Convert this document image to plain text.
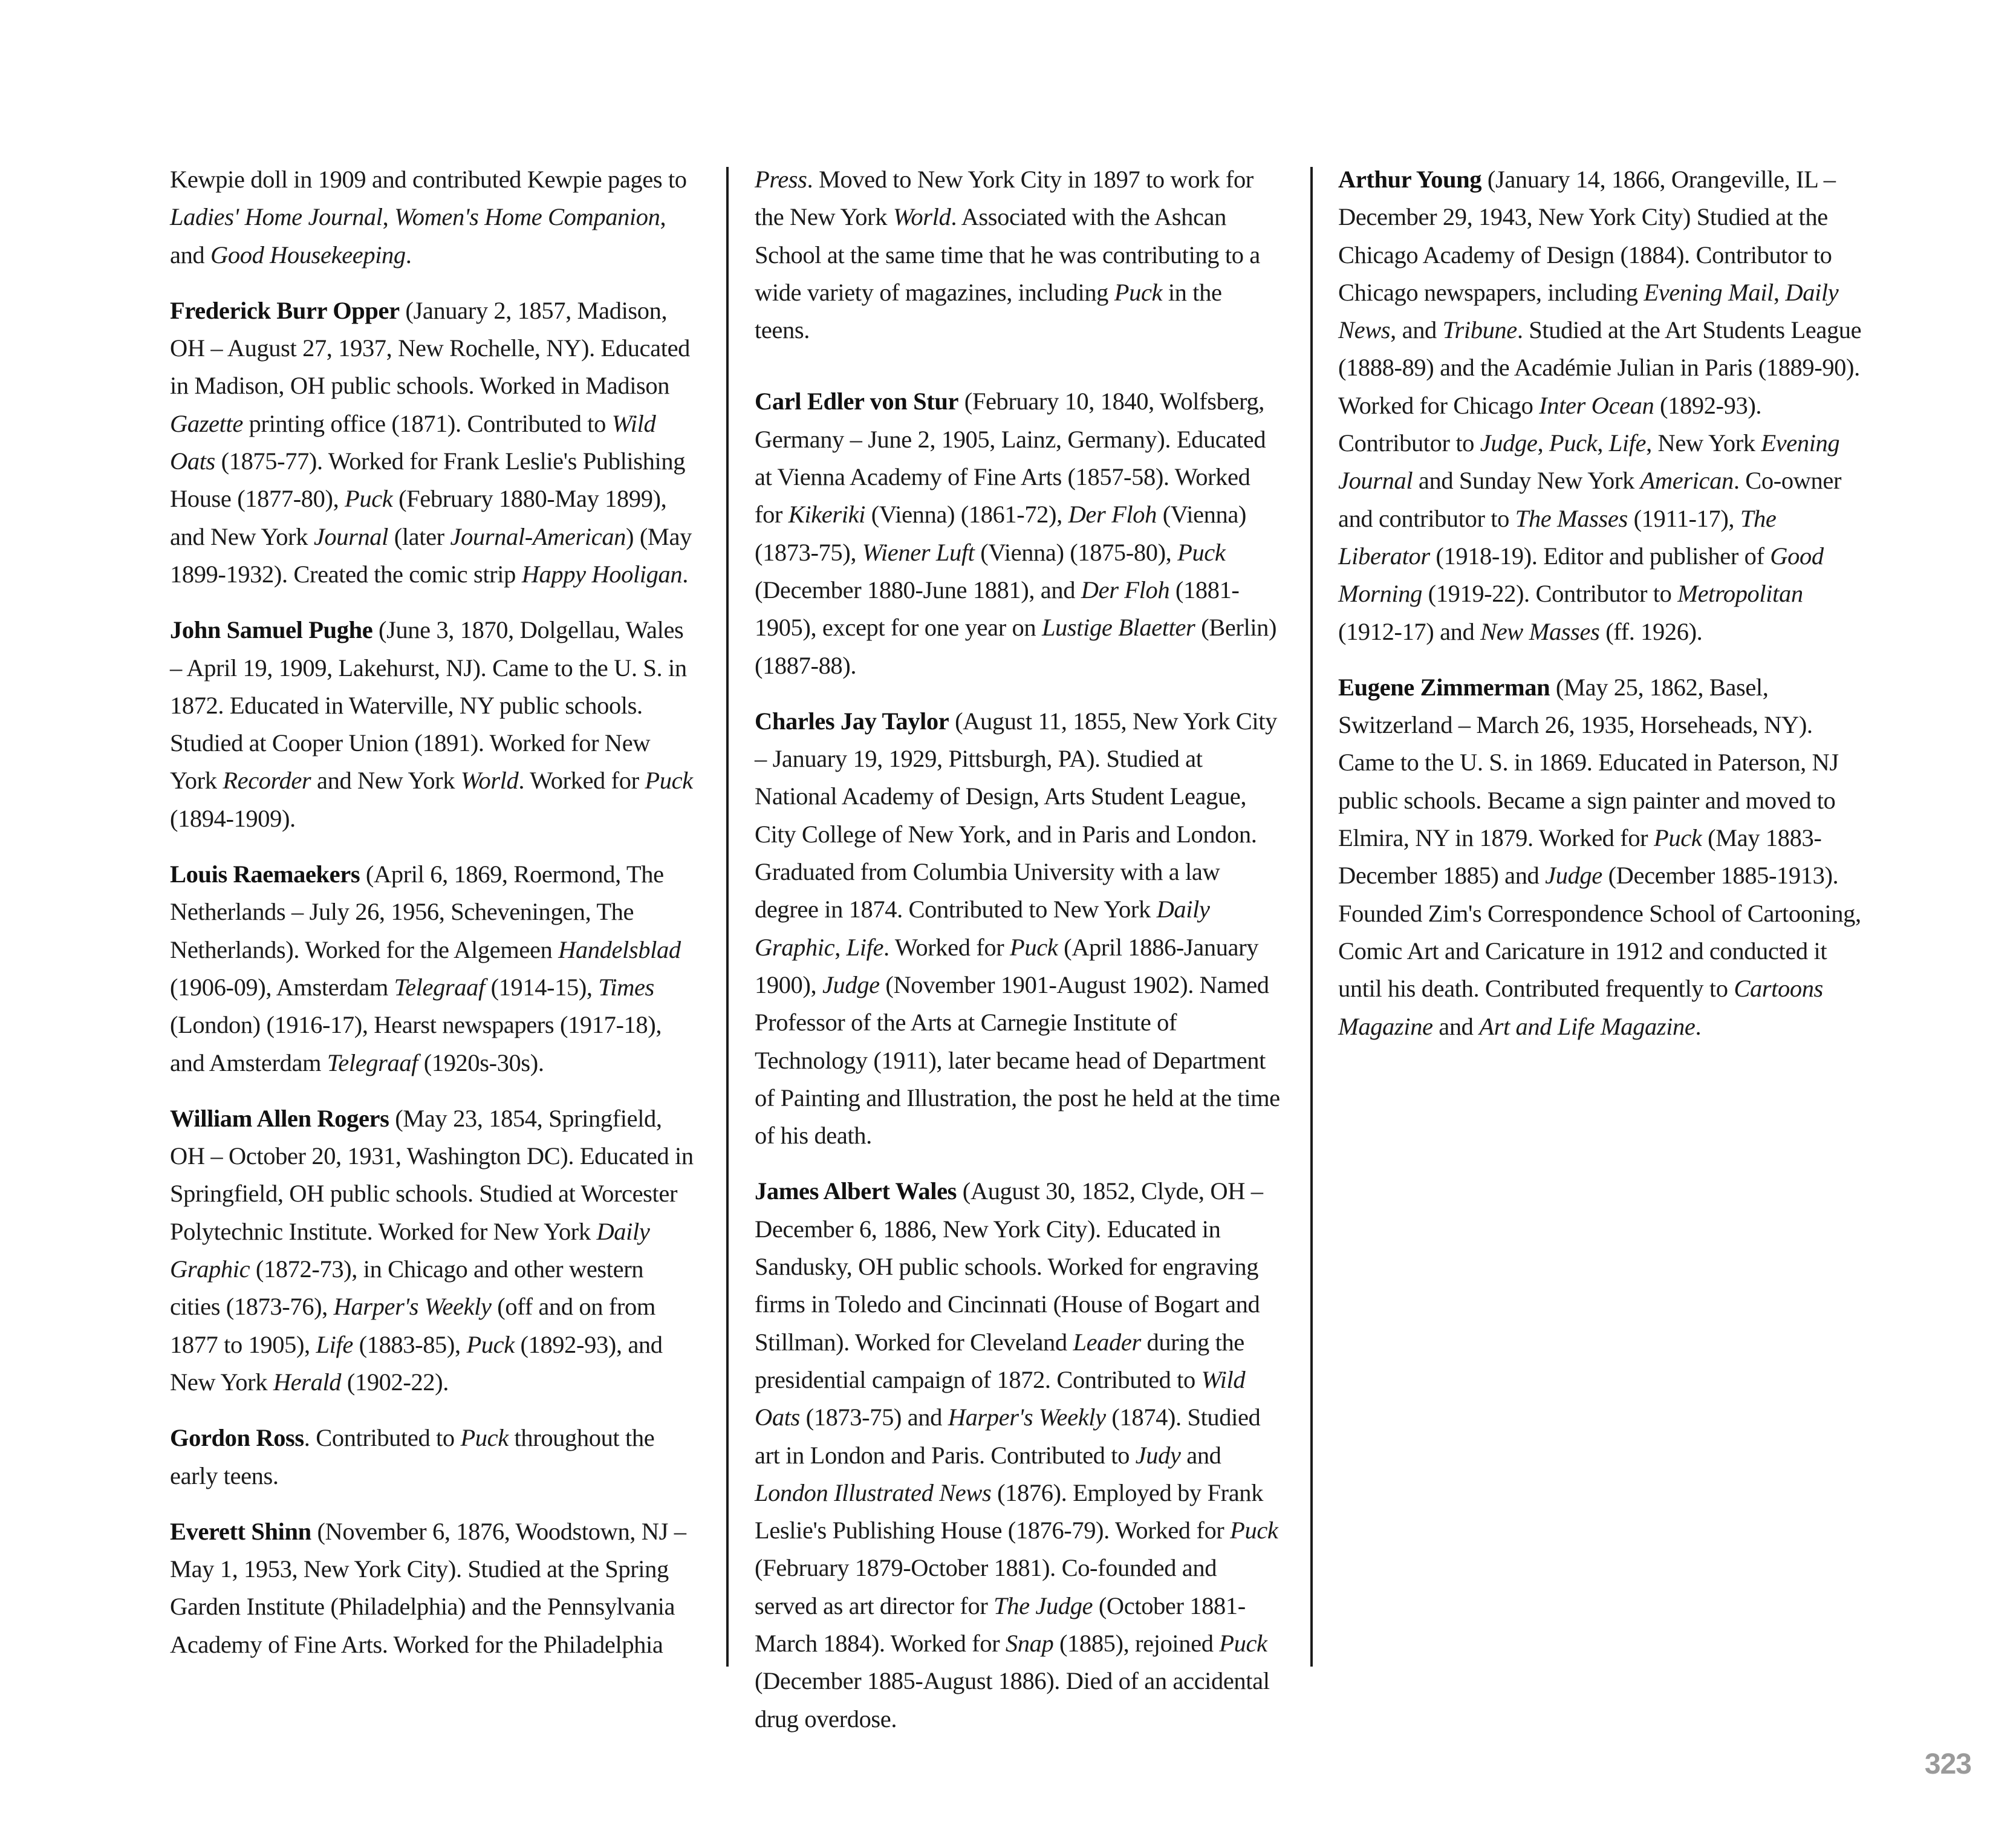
Kewpie doll in 1909 and contributed Kewpie pages to Ladies' Home Journal, Women's Home Companion, and Good Housekeeping.

Frederick Burr Opper (January 2, 1857, Madison, OH – August 27, 1937, New Rochelle, NY). Educated in Madison, OH public schools. Worked in Madison Gazette printing office (1871). Contributed to Wild Oats (1875-77). Worked for Frank Leslie's Publishing House (1877-80), Puck (February 1880-May 1899), and New York Journal (later Journal-American) (May 1899-1932). Created the comic strip Happy Hooligan.

John Samuel Pughe (June 3, 1870, Dolgellau, Wales – April 19, 1909, Lakehurst, NJ). Came to the U. S. in 1872. Educated in Waterville, NY public schools. Studied at Cooper Union (1891). Worked for New York Recorder and New York World. Worked for Puck (1894-1909).

Louis Raemaekers (April 6, 1869, Roermond, The Netherlands – July 26, 1956, Scheveningen, The Netherlands). Worked for the Algemeen Handelsblad (1906-09), Amsterdam Telegraaf (1914-15), Times (London) (1916-17), Hearst newspapers (1917-18), and Amsterdam Telegraaf (1920s-30s).

William Allen Rogers (May 23, 1854, Springfield, OH – October 20, 1931, Washington DC). Educated in Springfield, OH public schools. Studied at Worcester Polytechnic Institute. Worked for New York Daily Graphic (1872-73), in Chicago and other western cities (1873-76), Harper's Weekly (off and on from 1877 to 1905), Life (1883-85), Puck (1892-93), and New York Herald (1902-22).

Gordon Ross. Contributed to Puck throughout the early teens.

Everett Shinn (November 6, 1876, Woodstown, NJ – May 1, 1953, New York City). Studied at the Spring Garden Institute (Philadelphia) and the Pennsylvania Academy of Fine Arts. Worked for the Philadelphia

Press. Moved to New York City in 1897 to work for the New York World. Associated with the Ashcan School at the same time that he was contributing to a wide variety of magazines, including Puck in the teens.

Carl Edler von Stur (February 10, 1840, Wolfsberg, Germany – June 2, 1905, Lainz, Germany). Educated at Vienna Academy of Fine Arts (1857-58). Worked for Kikeriki (Vienna) (1861-72), Der Floh (Vienna) (1873-75), Wiener Luft (Vienna) (1875-80), Puck (December 1880-June 1881), and Der Floh (1881-1905), except for one year on Lustige Blaetter (Berlin) (1887-88).

Charles Jay Taylor (August 11, 1855, New York City – January 19, 1929, Pittsburgh, PA). Studied at National Academy of Design, Arts Student League, City College of New York, and in Paris and London. Graduated from Columbia University with a law degree in 1874. Contributed to New York Daily Graphic, Life. Worked for Puck (April 1886-January 1900), Judge (November 1901-August 1902). Named Professor of the Arts at Carnegie Institute of Technology (1911), later became head of Department of Painting and Illustration, the post he held at the time of his death.

James Albert Wales (August 30, 1852, Clyde, OH – December 6, 1886, New York City). Educated in Sandusky, OH public schools. Worked for engraving firms in Toledo and Cincinnati (House of Bogart and Stillman). Worked for Cleveland Leader during the presidential campaign of 1872. Contributed to Wild Oats (1873-75) and Harper's Weekly (1874). Studied art in London and Paris. Contributed to Judy and London Illustrated News (1876). Employed by Frank Leslie's Publishing House (1876-79). Worked for Puck (February 1879-October 1881). Co-founded and served as art director for The Judge (October 1881-March 1884). Worked for Snap (1885), rejoined Puck (December 1885-August 1886). Died of an accidental drug overdose.

Arthur Young (January 14, 1866, Orangeville, IL – December 29, 1943, New York City) Studied at the Chicago Academy of Design (1884). Contributor to Chicago newspapers, including Evening Mail, Daily News, and Tribune. Studied at the Art Students League (1888-89) and the Académie Julian in Paris (1889-90). Worked for Chicago Inter Ocean (1892-93). Contributor to Judge, Puck, Life, New York Evening Journal and Sunday New York American. Co-owner and contributor to The Masses (1911-17), The Liberator (1918-19). Editor and publisher of Good Morning (1919-22). Contributor to Metropolitan (1912-17) and New Masses (ff. 1926).

Eugene Zimmerman (May 25, 1862, Basel, Switzerland – March 26, 1935, Horseheads, NY). Came to the U. S. in 1869. Educated in Paterson, NJ public schools. Became a sign painter and moved to Elmira, NY in 1879. Worked for Puck (May 1883-December 1885) and Judge (December 1885-1913). Founded Zim's Correspondence School of Cartooning, Comic Art and Caricature in 1912 and conducted it until his death. Contributed frequently to Cartoons Magazine and Art and Life Magazine.

323
